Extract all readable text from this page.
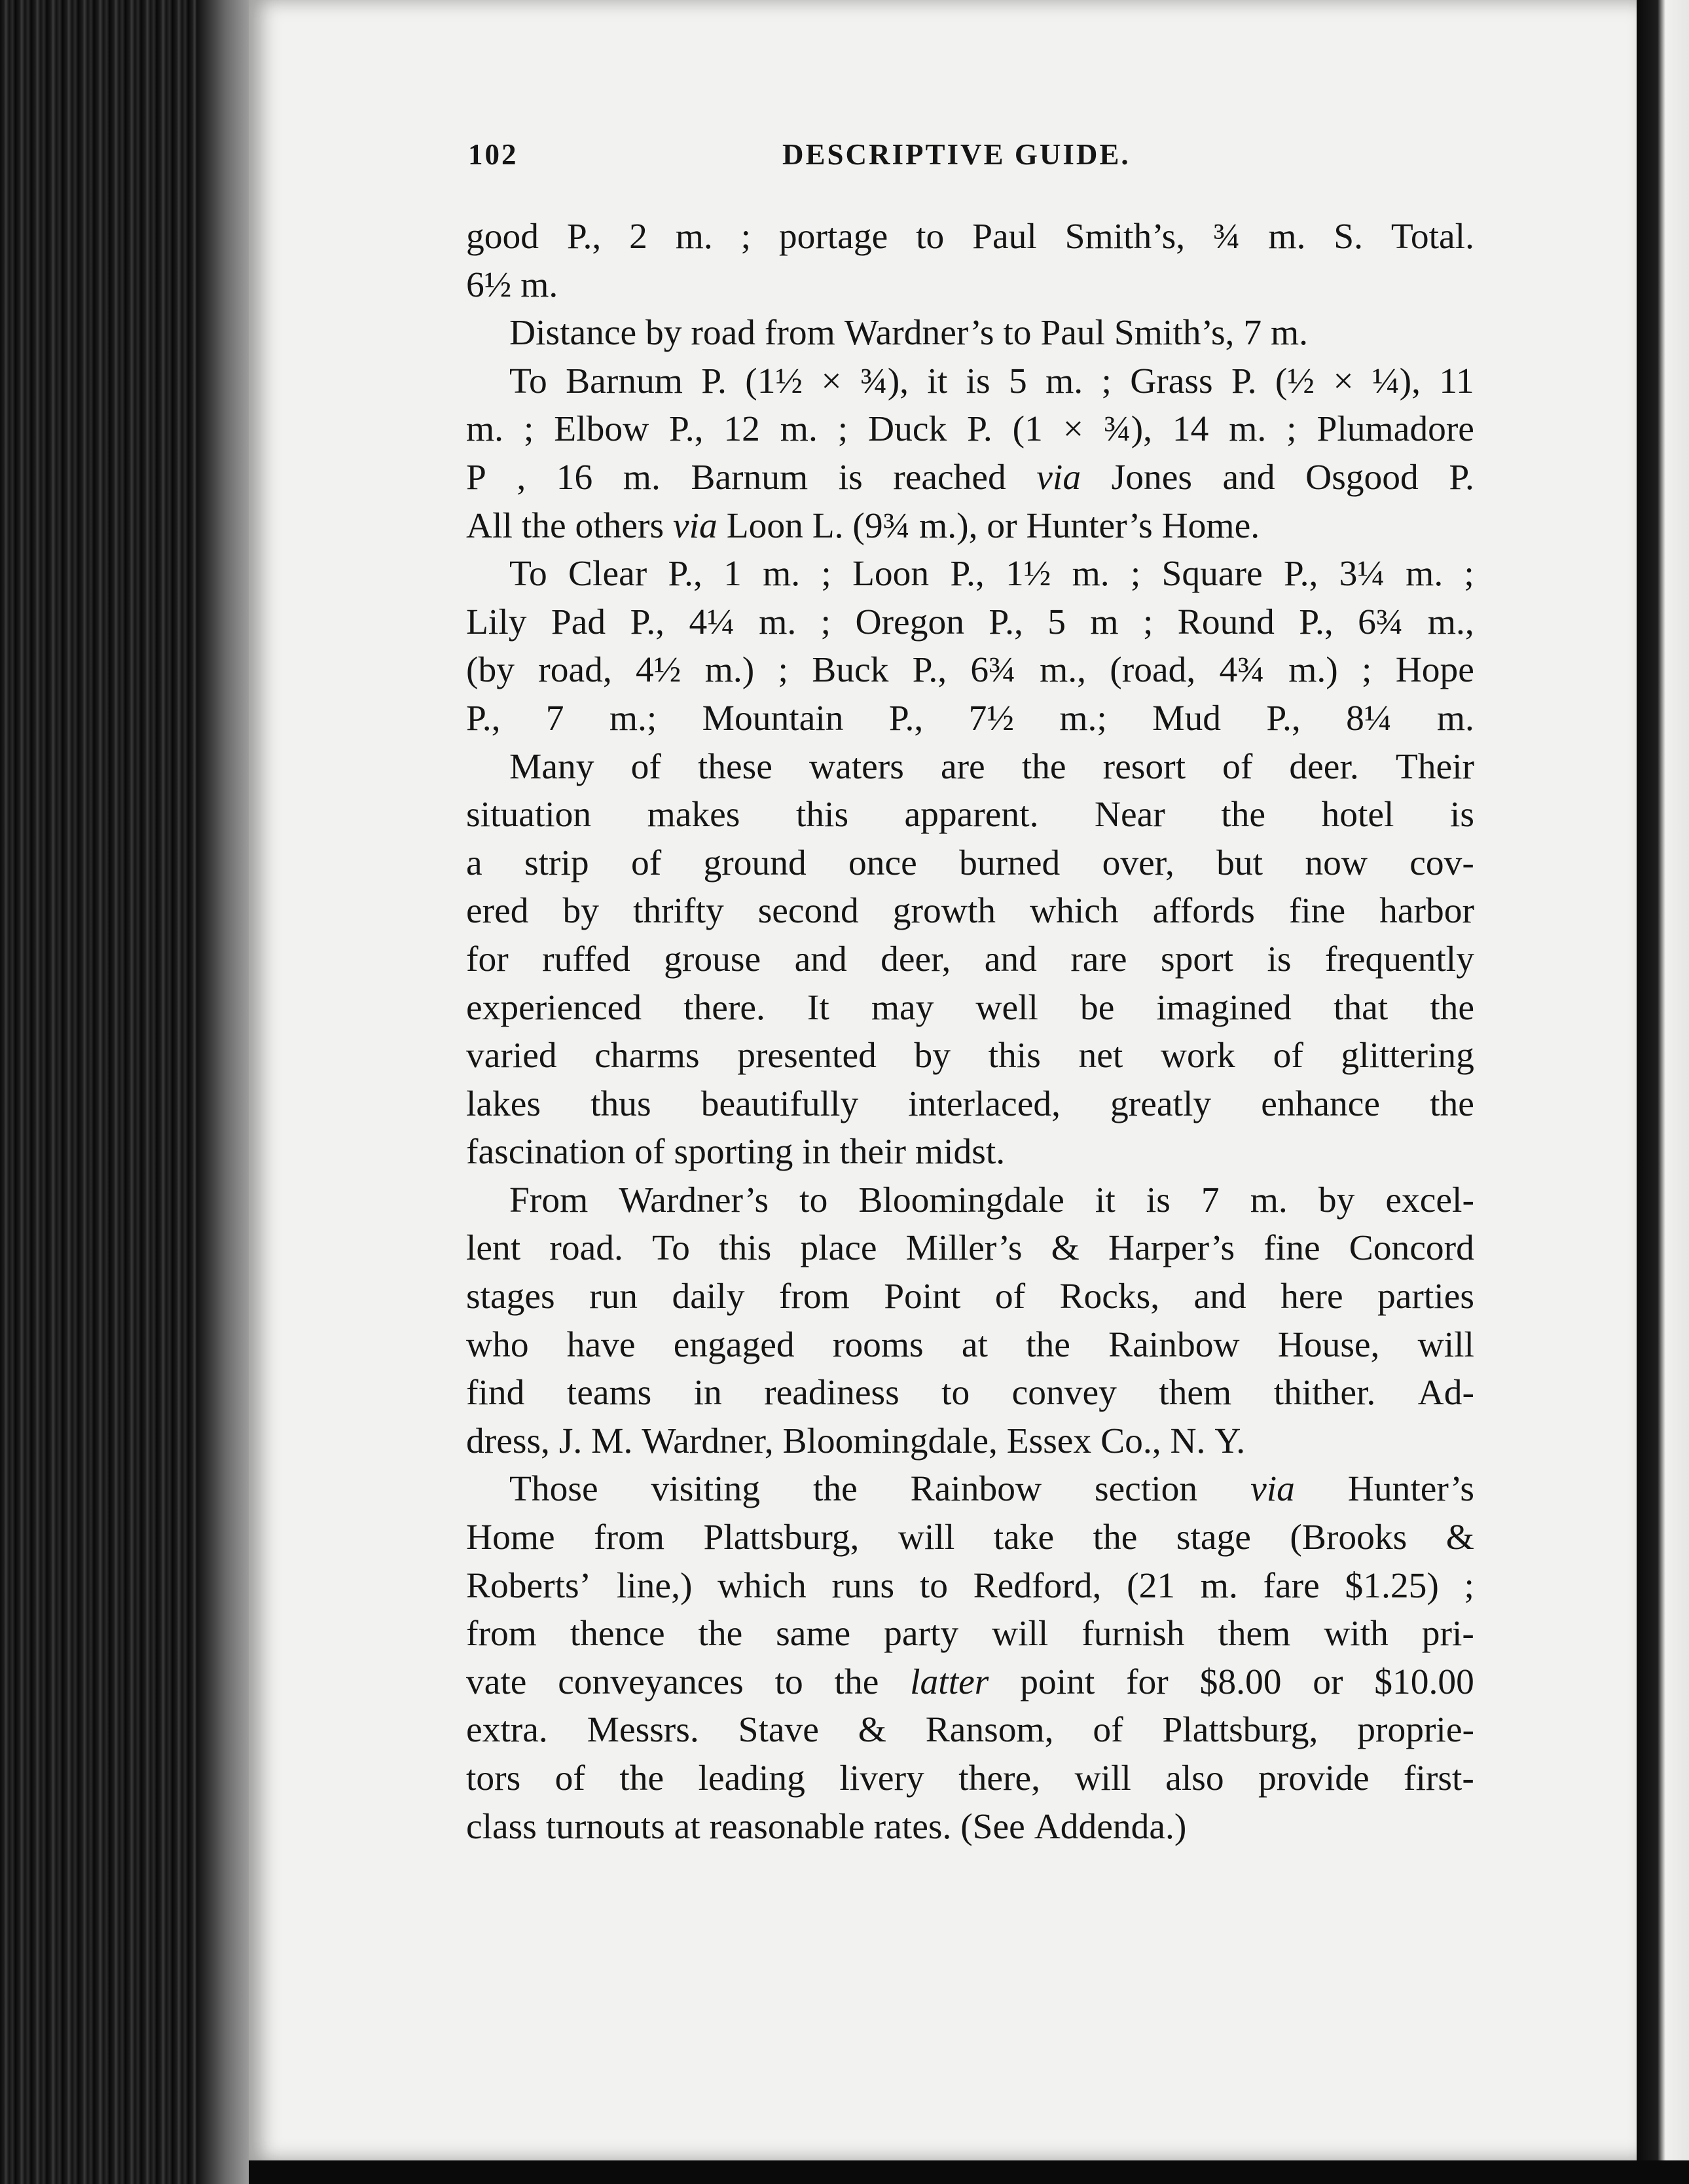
102	DESCRIPTIVE GUIDE.
good P., 2 m. ; portage to Paul Smith’s, ¾ m. S. Total.
6½ m.
Distance by road from Wardner’s to Paul Smith’s, 7 m.
To Barnum P. (1½ × ¾), it is 5 m. ; Grass P. (½ × ¼), 11
m. ; Elbow P., 12 m. ; Duck P. (1 × ¾), 14 m. ; Plumadore
P , 16 m. Barnum is reached via Jones and Osgood P.
All the others via Loon L. (9¾ m.), or Hunter’s Home.
To Clear P., 1 m. ; Loon P., 1½ m. ; Square P., 3¼ m. ;
Lily Pad P., 4¼ m. ; Oregon P., 5 m ; Round P., 6¾ m.,
(by road, 4½ m.) ; Buck P., 6¾ m., (road, 4¾ m.) ; Hope
P., 7 m.; Mountain P., 7½ m.; Mud P., 8¼ m.
Many of these waters are the resort of deer. Their
situation makes this apparent. Near the hotel is
a strip of ground once burned over, but now cov-
ered by thrifty second growth which affords fine harbor
for ruffed grouse and deer, and rare sport is frequently
experienced there. It may well be imagined that the
varied charms presented by this net work of glittering
lakes thus beautifully interlaced, greatly enhance the
fascination of sporting in their midst.
From Wardner’s to Bloomingdale it is 7 m. by excel-
lent road. To this place Miller’s & Harper’s fine Concord
stages run daily from Point of Rocks, and here parties
who have engaged rooms at the Rainbow House, will
find teams in readiness to convey them thither. Ad-
dress, J. M. Wardner, Bloomingdale, Essex Co., N. Y.
Those visiting the Rainbow section via Hunter’s
Home from Plattsburg, will take the stage (Brooks &
Roberts’ line,) which runs to Redford, (21 m. fare $1.25) ;
from thence the same party will furnish them with pri-
vate conveyances to the latter point for $8.00 or $10.00
extra. Messrs. Stave & Ransom, of Plattsburg, proprie-
tors of the leading livery there, will also provide first-
class turnouts at reasonable rates. (See Addenda.)
